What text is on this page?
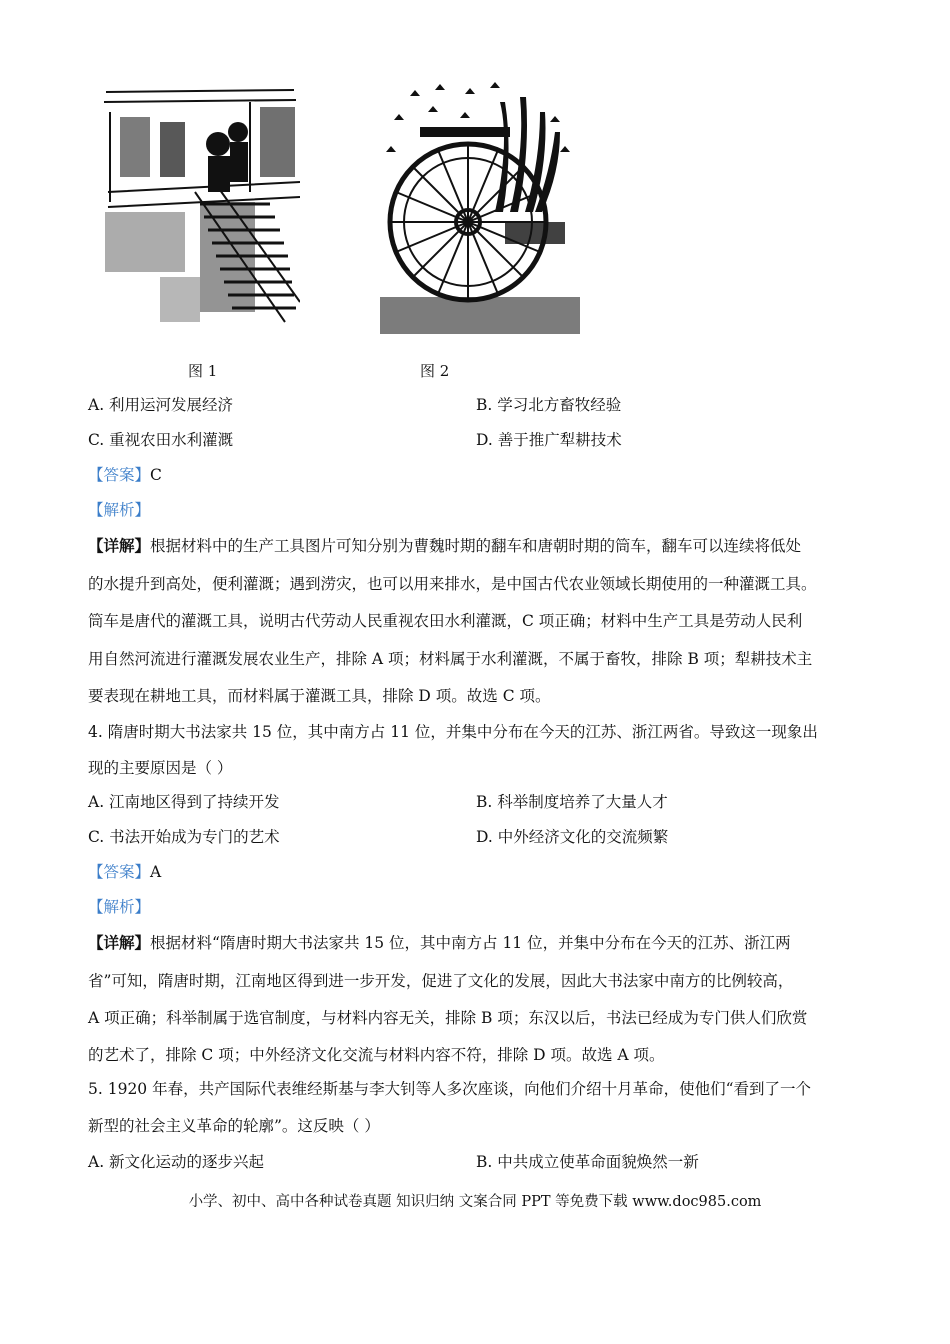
图 1	图 2
A. 利用运河发展经济	B. 学习北方畜牧经验
C. 重视农田水利灌溉	D. 善于推广犁耕技术
【答案】C
【解析】
【详解】根据材料中的生产工具图片可知分别为曹魏时期的翻车和唐朝时期的筒车，翻车可以连续将低处
的水提升到高处，便利灌溉；遇到涝灾，也可以用来排水，是中国古代农业领域长期使用的一种灌溉工具。
筒车是唐代的灌溉工具，说明古代劳动人民重视农田水利灌溉，C 项正确；材料中生产工具是劳动人民利
用自然河流进行灌溉发展农业生产，排除 A 项；材料属于水利灌溉，不属于畜牧，排除 B 项；犁耕技术主
要表现在耕地工具，而材料属于灌溉工具，排除 D 项。故选 C 项。
4. 隋唐时期大书法家共 15 位，其中南方占 11 位，并集中分布在今天的江苏、浙江两省。导致这一现象出
现的主要原因是（ ）
A. 江南地区得到了持续开发	B. 科举制度培养了大量人才
C. 书法开始成为专门的艺术	D. 中外经济文化的交流频繁
【答案】A
【解析】
【详解】根据材料“隋唐时期大书法家共 15 位，其中南方占 11 位，并集中分布在今天的江苏、浙江两
省”可知，隋唐时期，江南地区得到进一步开发，促进了文化的发展，因此大书法家中南方的比例较高，
A 项正确；科举制属于选官制度，与材料内容无关，排除 B 项；东汉以后，书法已经成为专门供人们欣赏
的艺术了，排除 C 项；中外经济文化交流与材料内容不符，排除 D 项。故选 A 项。
5. 1920 年春，共产国际代表维经斯基与李大钊等人多次座谈，向他们介绍十月革命，使他们“看到了一个
新型的社会主义革命的轮廓”。这反映（ ）
A. 新文化运动的逐步兴起	B. 中共成立使革命面貌焕然一新
小学、初中、高中各种试卷真题 知识归纳 文案合同 PPT 等免费下载 www.doc985.com
